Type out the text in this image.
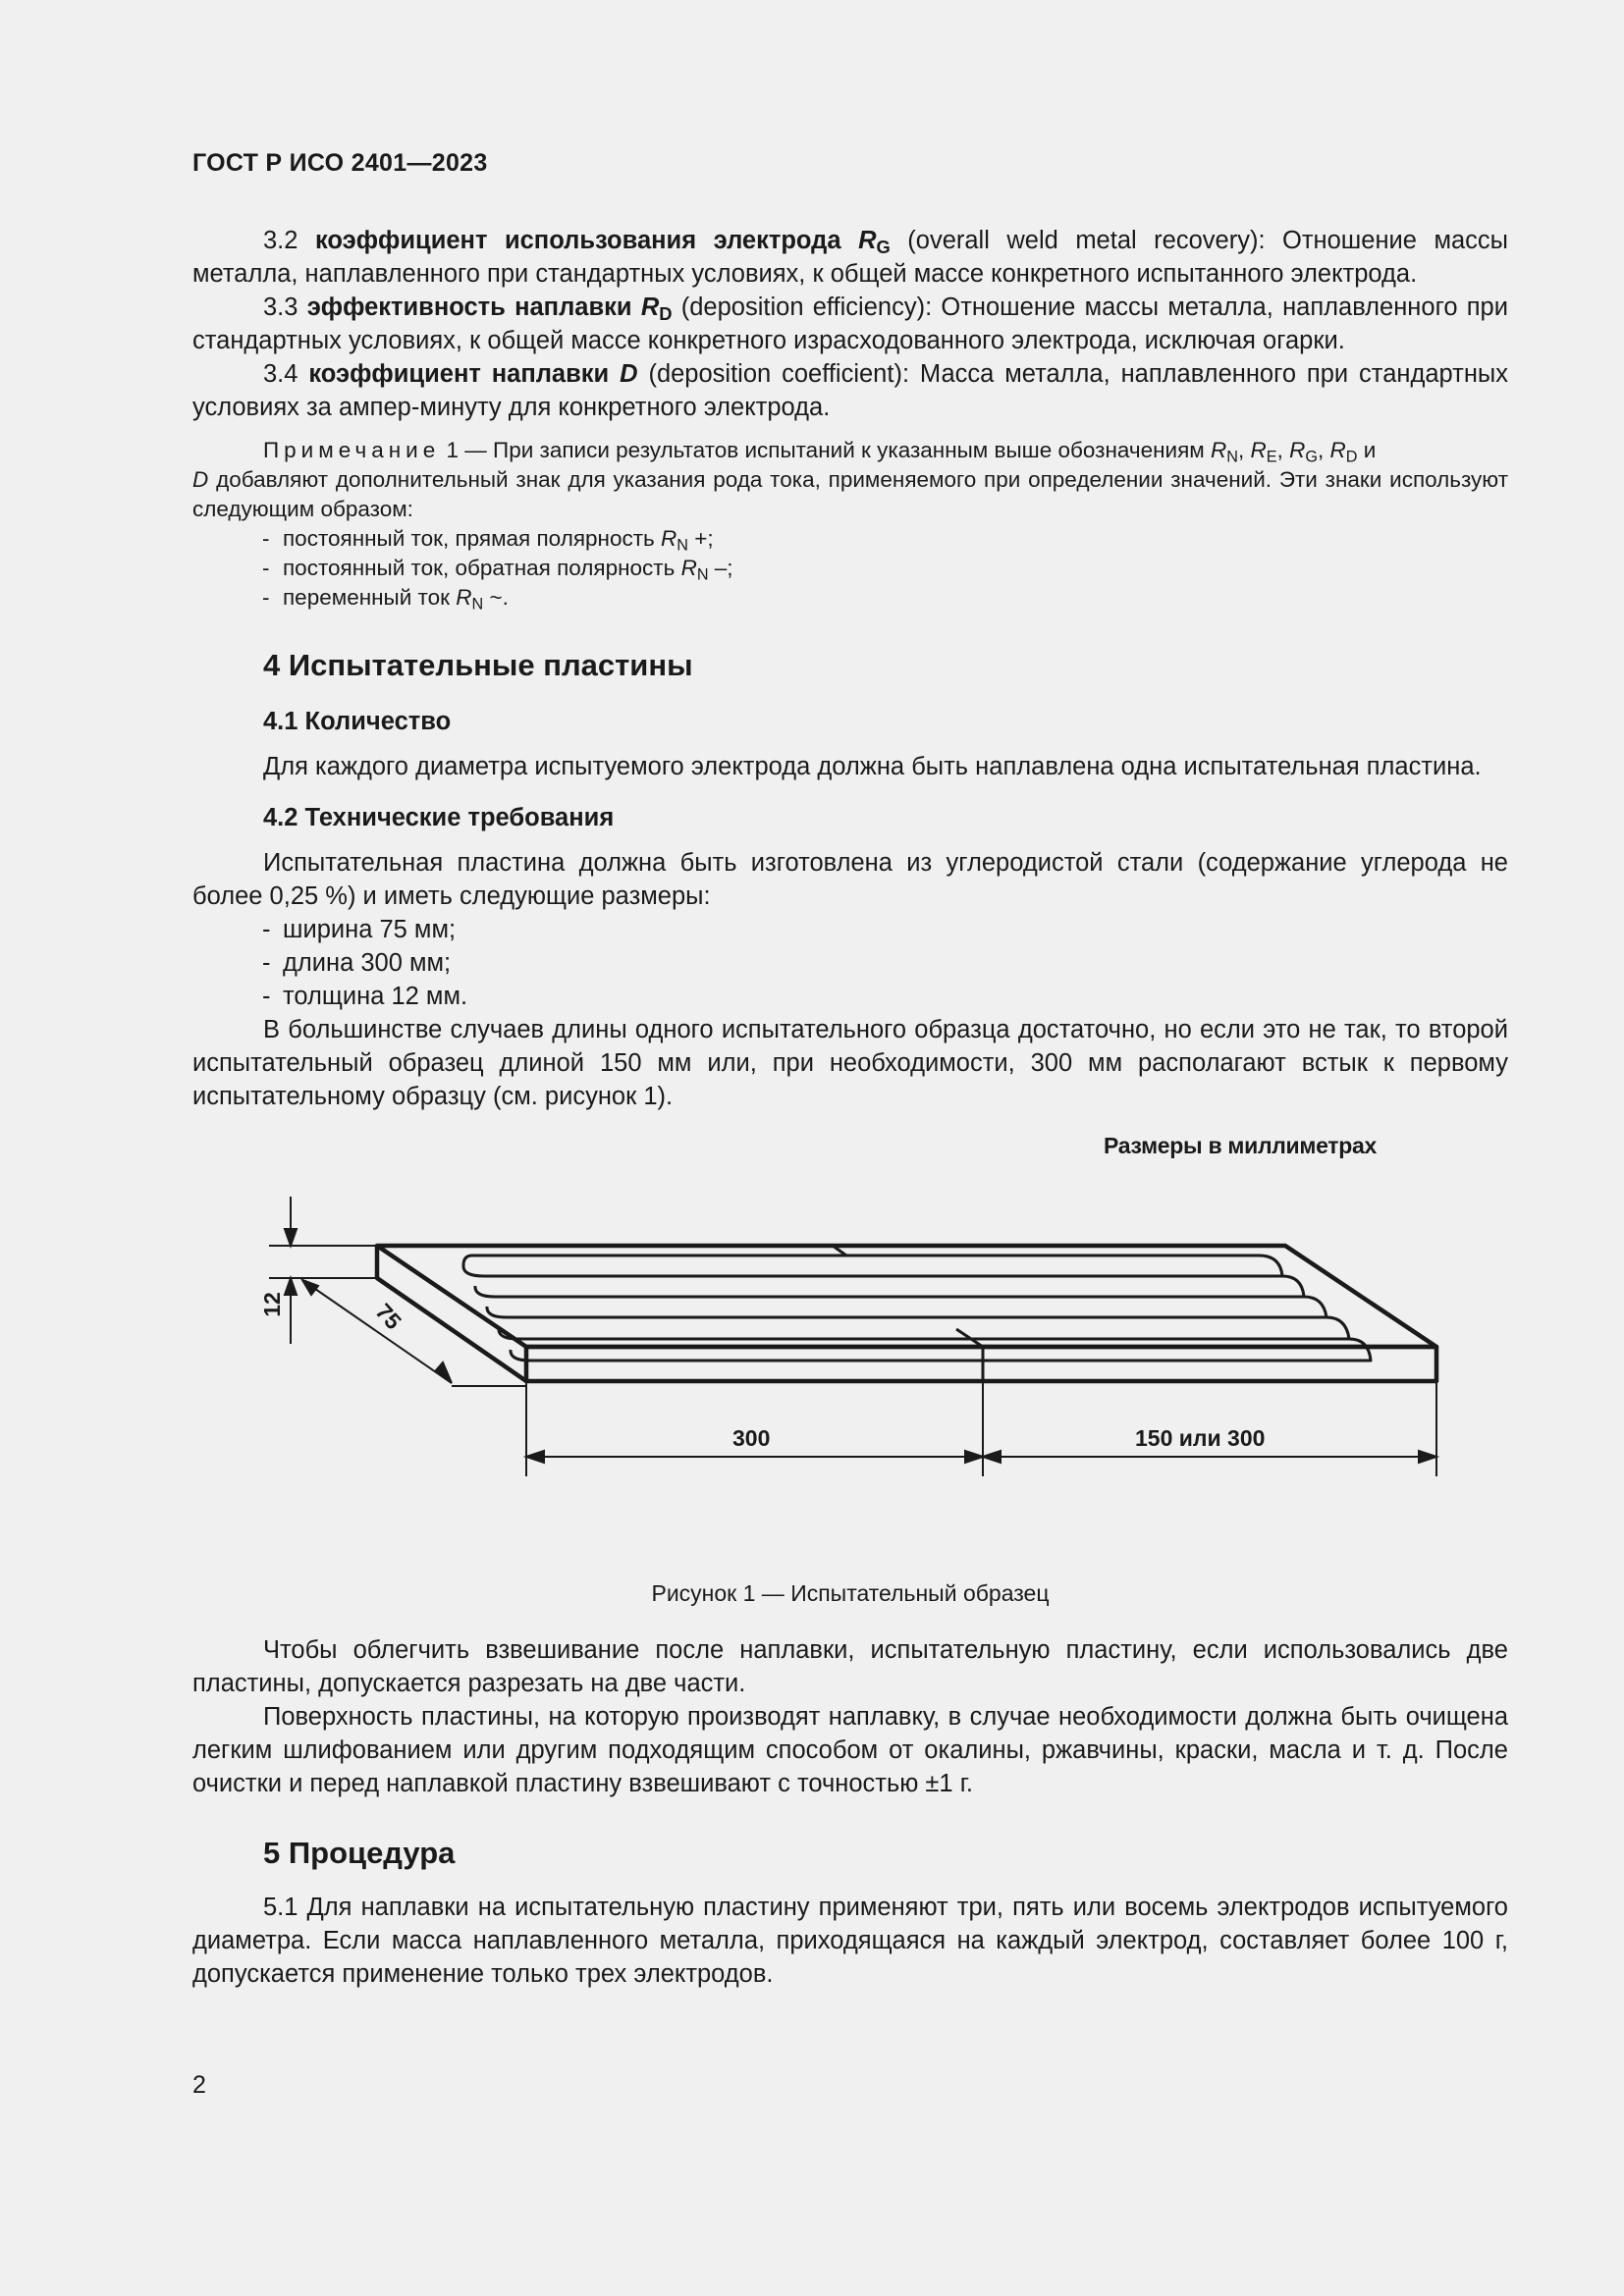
ГОСТ Р ИСО 2401—2023

3.2 коэффициент использования электрода $R_G$ (overall weld metal recovery): Отношение массы металла, наплавленного при стандартных условиях, к общей массе конкретного испытанного электрода.

3.3 эффективность наплавки $R_D$ (deposition efficiency): Отношение массы металла, наплавленного при стандартных условиях, к общей массе конкретного израсходованного электрода, исключая огарки.

3.4 коэффициент наплавки D (deposition coefficient): Масса металла, наплавленного при стандартных условиях за ампер-минуту для конкретного электрода.

Примечание 1 — При записи результатов испытаний к указанным выше обозначениям $R_N$, $R_E$, $R_G$, $R_D$ и

D добавляют дополнительный знак для указания рода тока, применяемого при определении значений. Эти знаки используют следующим образом:

- постоянный ток, прямая полярность $R_N$ +;
- постоянный ток, обратная полярность $R_N$ –;
- переменный ток $R_N$ ~.
4 Испытательные пластины
4.1 Количество

Для каждого диаметра испытуемого электрода должна быть наплавлена одна испытательная пластина.

4.2 Технические требования

Испытательная пластина должна быть изготовлена из углеродистой стали (содержание углерода не более 0,25 %) и иметь следующие размеры:

- ширина 75 мм;
- длина 300 мм;
- толщина 12 мм.

В большинстве случаев длины одного испытательного образца достаточно, но если это не так, то второй испытательный образец длиной 150 мм или, при необходимости, 300 мм располагают встык к первому испытательному образцу (см. рисунок 1).

Размеры в миллиметрах
12	75
300	150 или 300
Рисунок 1 — Испытательный образец

Чтобы облегчить взвешивание после наплавки, испытательную пластину, если использовались две пластины, допускается разрезать на две части.

Поверхность пластины, на которую производят наплавку, в случае необходимости должна быть очищена легким шлифованием или другим подходящим способом от окалины, ржавчины, краски, масла и т. д. После очистки и перед наплавкой пластину взвешивают с точностью ±1 г.

5 Процедура

5.1 Для наплавки на испытательную пластину применяют три, пять или восемь электродов испытуемого диаметра. Если масса наплавленного металла, приходящаяся на каждый электрод, составляет более 100 г, допускается применение только трех электродов.

2
